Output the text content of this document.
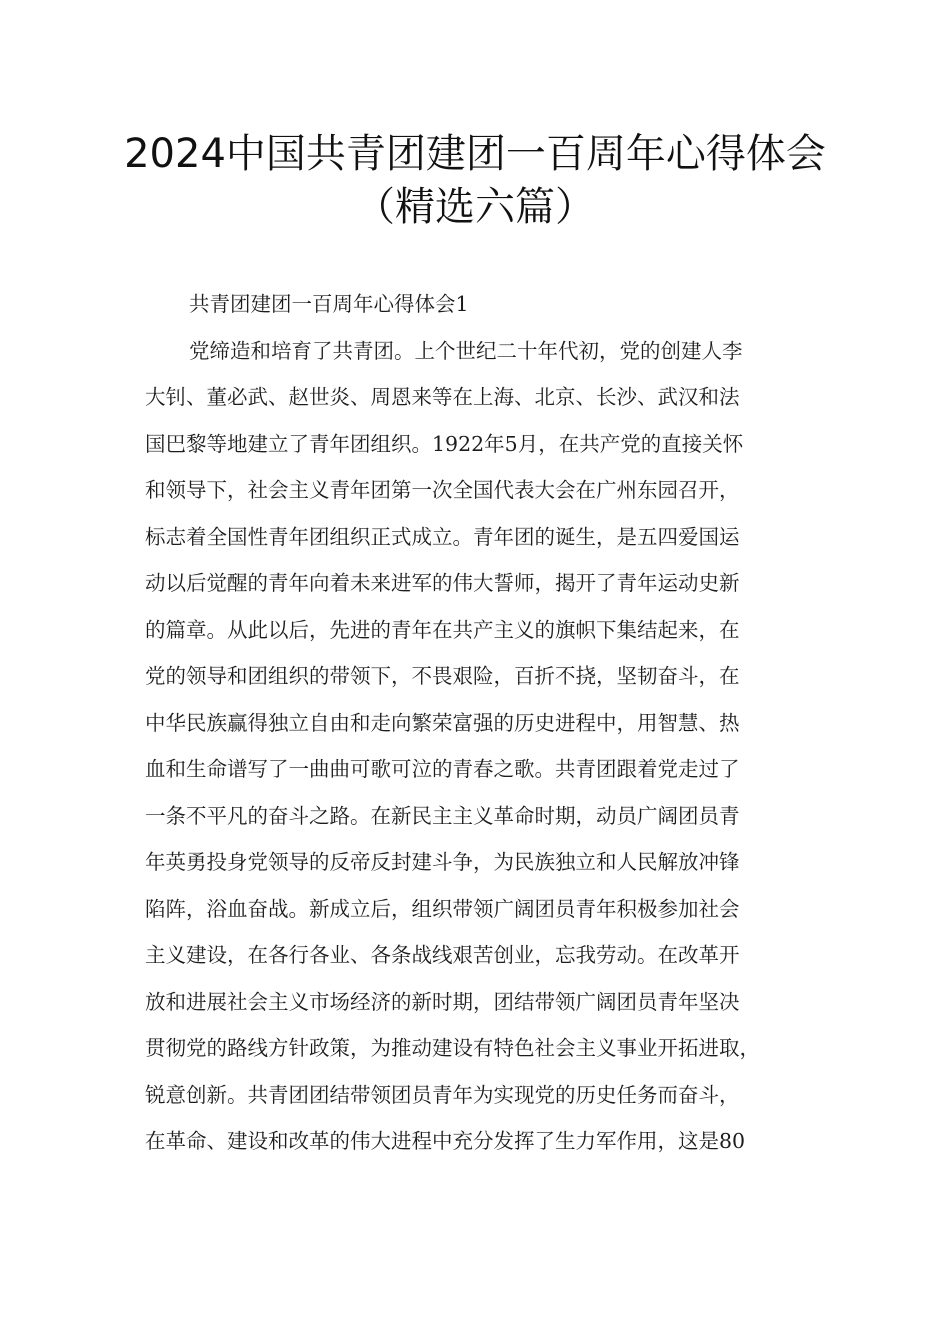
2024中国共青团建团一百周年心得体会
（精选六篇）
共青团建团一百周年心得体会1
党缔造和培育了共青团。上个世纪二十年代初，党的创建人李
大钊、董必武、赵世炎、周恩来等在上海、北京、长沙、武汉和法
国巴黎等地建立了青年团组织。1922年5月，在共产党的直接关怀
和领导下，社会主义青年团第一次全国代表大会在广州东园召开，
标志着全国性青年团组织正式成立。青年团的诞生，是五四爱国运
动以后觉醒的青年向着未来进军的伟大誓师，揭开了青年运动史新
的篇章。从此以后，先进的青年在共产主义的旗帜下集结起来，在
党的领导和团组织的带领下，不畏艰险，百折不挠，坚韧奋斗，在
中华民族赢得独立自由和走向繁荣富强的历史进程中，用智慧、热
血和生命谱写了一曲曲可歌可泣的青春之歌。共青团跟着党走过了
一条不平凡的奋斗之路。在新民主主义革命时期，动员广阔团员青
年英勇投身党领导的反帝反封建斗争，为民族独立和人民解放冲锋
陷阵，浴血奋战。新成立后，组织带领广阔团员青年积极参加社会
主义建设，在各行各业、各条战线艰苦创业，忘我劳动。在改革开
放和进展社会主义市场经济的新时期，团结带领广阔团员青年坚决
贯彻党的路线方针政策，为推动建设有特色社会主义事业开拓进取，
锐意创新。共青团团结带领团员青年为实现党的历史任务而奋斗，
在革命、建设和改革的伟大进程中充分发挥了生力军作用，这是80
